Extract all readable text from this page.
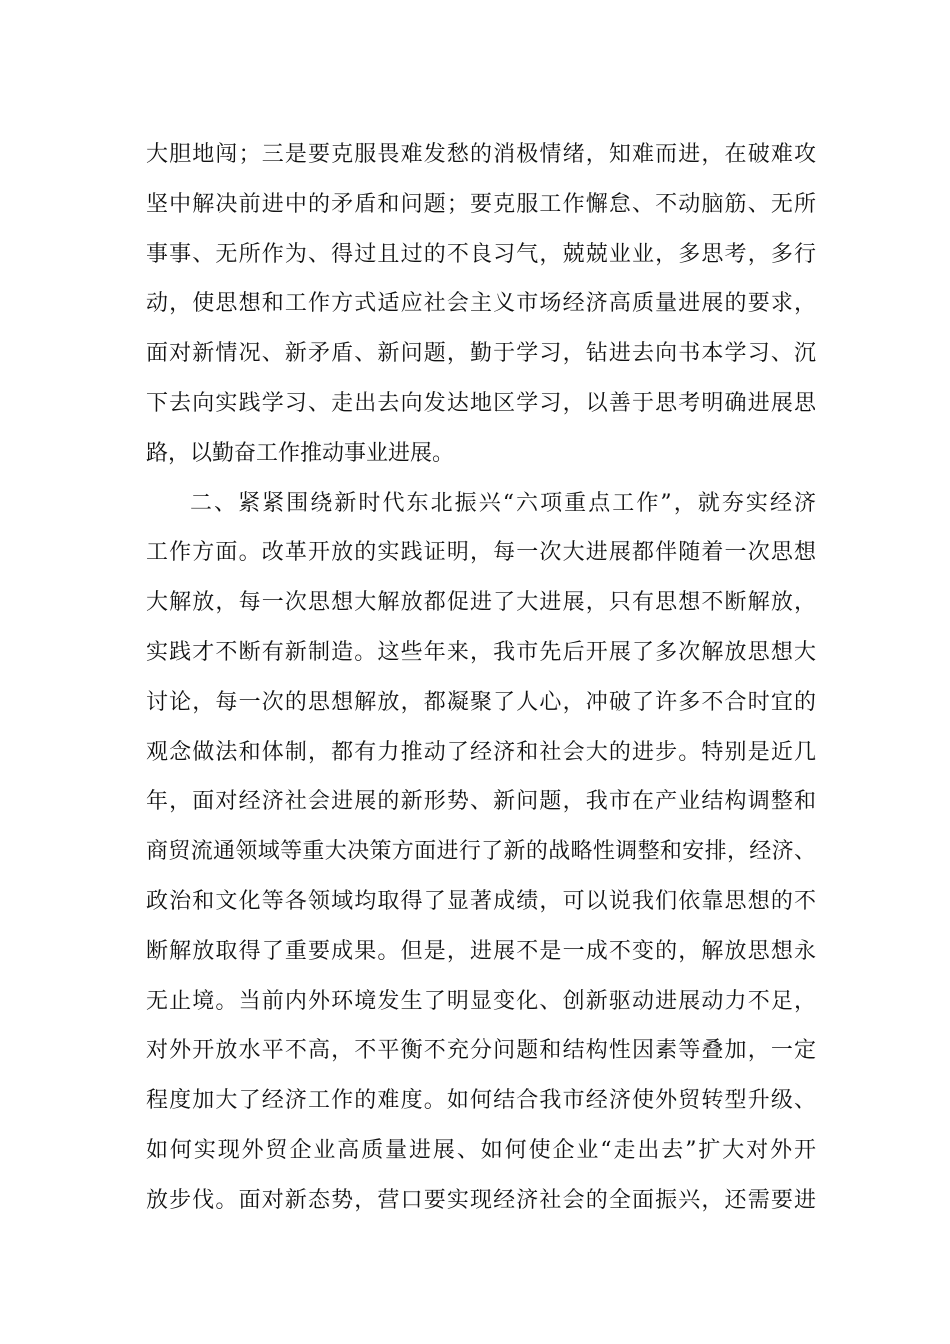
大胆地闯；三是要克服畏难发愁的消极情绪，知难而进，在破难攻
坚中解决前进中的矛盾和问题；要克服工作懈怠、不动脑筋、无所
事事、无所作为、得过且过的不良习气，兢兢业业，多思考，多行
动，使思想和工作方式适应社会主义市场经济高质量进展的要求，
面对新情况、新矛盾、新问题，勤于学习，钻进去向书本学习、沉
下去向实践学习、走出去向发达地区学习，以善于思考明确进展思
路，以勤奋工作推动事业进展。
二、紧紧围绕新时代东北振兴“六项重点工作”，就夯实经济
工作方面。改革开放的实践证明，每一次大进展都伴随着一次思想
大解放，每一次思想大解放都促进了大进展，只有思想不断解放，
实践才不断有新制造。这些年来，我市先后开展了多次解放思想大
讨论，每一次的思想解放，都凝聚了人心，冲破了许多不合时宜的
观念做法和体制，都有力推动了经济和社会大的进步。特别是近几
年，面对经济社会进展的新形势、新问题，我市在产业结构调整和
商贸流通领域等重大决策方面进行了新的战略性调整和安排，经济、
政治和文化等各领域均取得了显著成绩，可以说我们依靠思想的不
断解放取得了重要成果。但是，进展不是一成不变的，解放思想永
无止境。当前内外环境发生了明显变化、创新驱动进展动力不足，
对外开放水平不高，不平衡不充分问题和结构性因素等叠加，一定
程度加大了经济工作的难度。如何结合我市经济使外贸转型升级、
如何实现外贸企业高质量进展、如何使企业“走出去”扩大对外开
放步伐。面对新态势，营口要实现经济社会的全面振兴，还需要进
